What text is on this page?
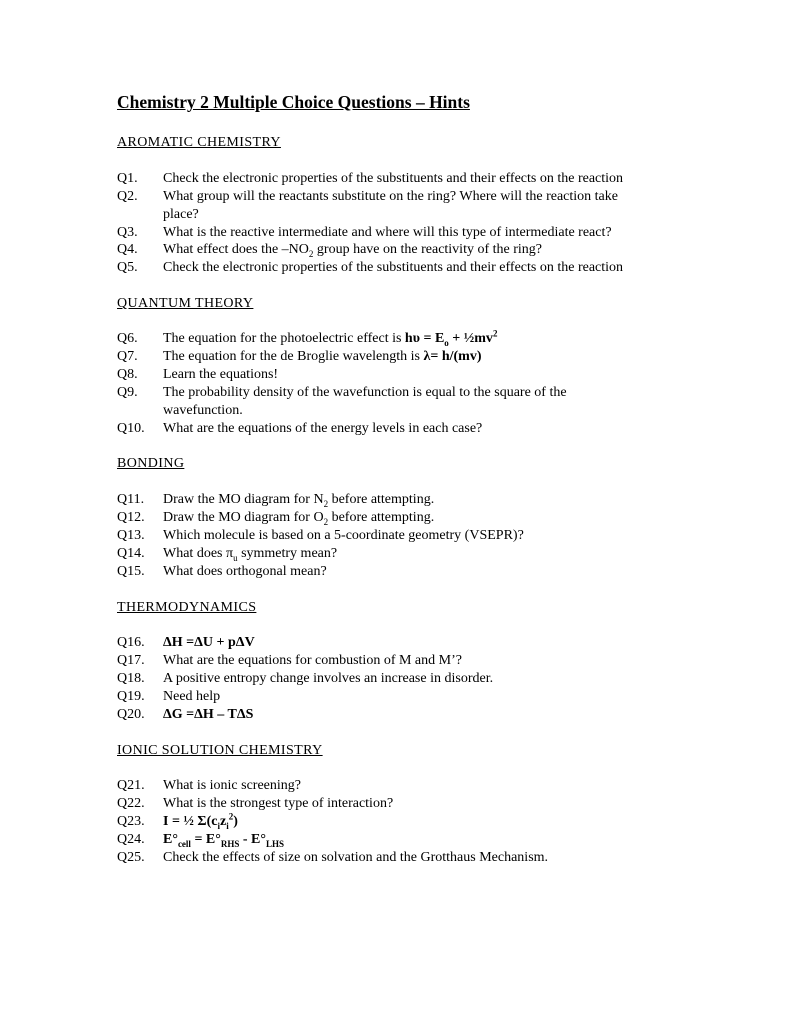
Chemistry 2 Multiple Choice Questions – Hints
AROMATIC CHEMISTRY
Q1. Check the electronic properties of the substituents and their effects on the reaction
Q2. What group will the reactants substitute on the ring? Where will the reaction take
place?
Q3. What is the reactive intermediate and where will this type of intermediate react?
Q4. What effect does the $-NO_2$ group have on the reactivity of the ring?
Q5. Check the electronic properties of the substituents and their effects on the reaction
QUANTUM THEORY
Q6. The equation for the photoelectric effect is $h\upsilon = E_o$ + $\frac{1}{2}mv^2$
Q7. The equation for the de Broglie wavelength is λ= h/(mv)
Q8. Learn the equations!
Q9. The probability density of the wavefunction is equal to the square of the
wavefunction.
Q10. What are the equations of the energy levels in each case?
BONDING
Q11. Draw the MO diagram for $N_2$ before attempting.
Q12. Draw the MO diagram for $O_2$ before attempting.
Q13. Which molecule is based on a 5-coordinate geometry (VSEPR)?
Q14. What does $\pi_u$ symmetry mean?
Q15. What does orthogonal mean?
THERMODYNAMICS
Q16. ΔH =ΔU + pΔV
Q17. What are the equations for combustion of M and M’?
Q18. A positive entropy change involves an increase in disorder.
Q19. Need help
Q20. ΔG =ΔH – TΔS
IONIC SOLUTION CHEMISTRY
Q21. What is ionic screening?
Q22. What is the strongest type of interaction?
Q23. I = ½ $\Sigma(c_iz_i^2)$
Q24. $E^\circ_{cell} = E^\circ_{RHS} - E^\circ_{LHS}$
Q25. Check the effects of size on solvation and the Grotthaus Mechanism.
